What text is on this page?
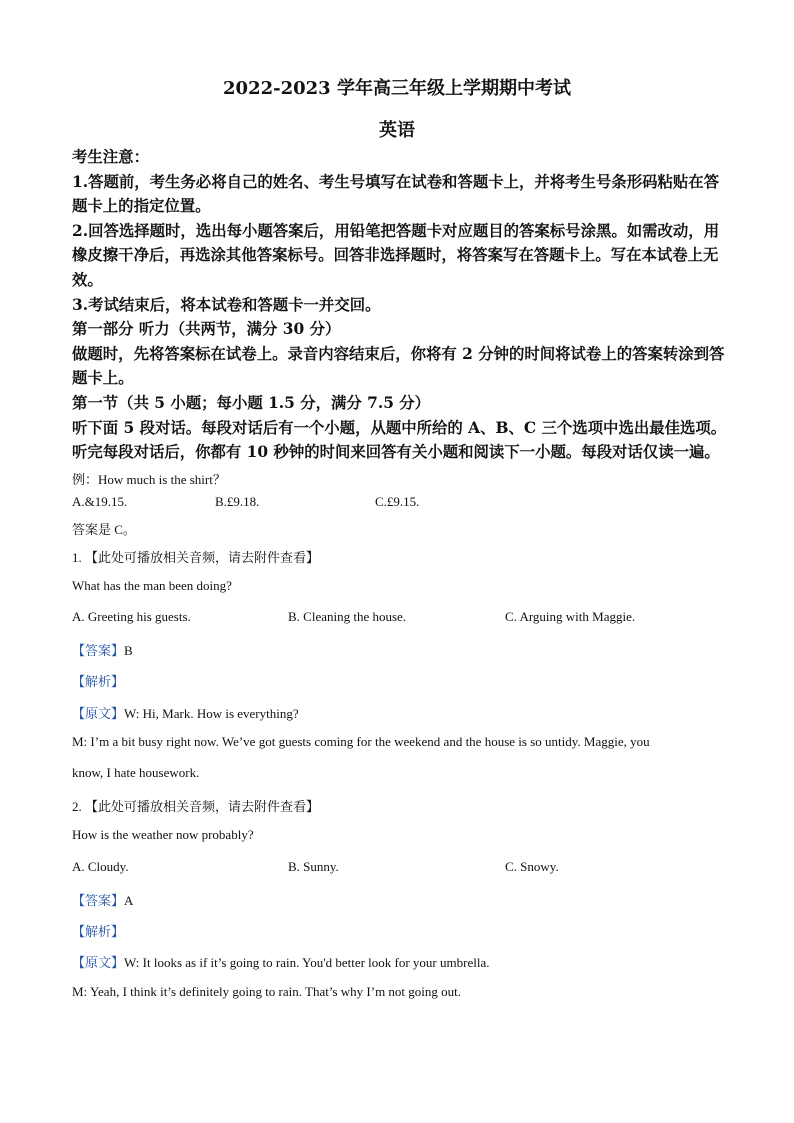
2022-2023 学年高三年级上学期期中考试
英语

考生注意：

1.答题前，考生务必将自己的姓名、考生号填写在试卷和答题卡上，并将考生号条形码粘贴在答题卡上的指定位置。

2.回答选择题时，选出每小题答案后，用铅笔把答题卡对应题目的答案标号涂黑。如需改动，用橡皮擦干净后，再选涂其他答案标号。回答非选择题时，将答案写在答题卡上。写在本试卷上无效。

3.考试结束后，将本试卷和答题卡一并交回。

第一部分 听力（共两节，满分 30 分）

做题时，先将答案标在试卷上。录音内容结束后，你将有 2 分钟的时间将试卷上的答案转涂到答题卡上。

第一节（共 5 小题；每小题 1.5 分，满分 7.5 分）

听下面 5 段对话。每段对话后有一个小题，从题中所给的 A、B、C 三个选项中选出最佳选项。听完每段对话后，你都有 10 秒钟的时间来回答有关小题和阅读下一小题。每段对话仅读一遍。

例：How much is the shirt？
A.&19.15.	B.£9.18.	C.£9.15.
答案是 C。
1. 【此处可播放相关音频，请去附件查看】
What has the man been doing?
A. Greeting his guests.	B. Cleaning the house.	C. Arguing with Maggie.
【答案】B
【解析】
【原文】W: Hi, Mark. How is everything?
M: I’m a bit busy right now. We’ve got guests coming for the weekend and the house is so untidy. Maggie, you
know, I hate housework.
2. 【此处可播放相关音频，请去附件查看】
How is the weather now probably?
A. Cloudy.	B. Sunny.	C. Snowy.
【答案】A
【解析】
【原文】W: It looks as if it’s going to rain. You'd better look for your umbrella.
M: Yeah, I think it’s definitely going to rain. That’s why I’m not going out.
